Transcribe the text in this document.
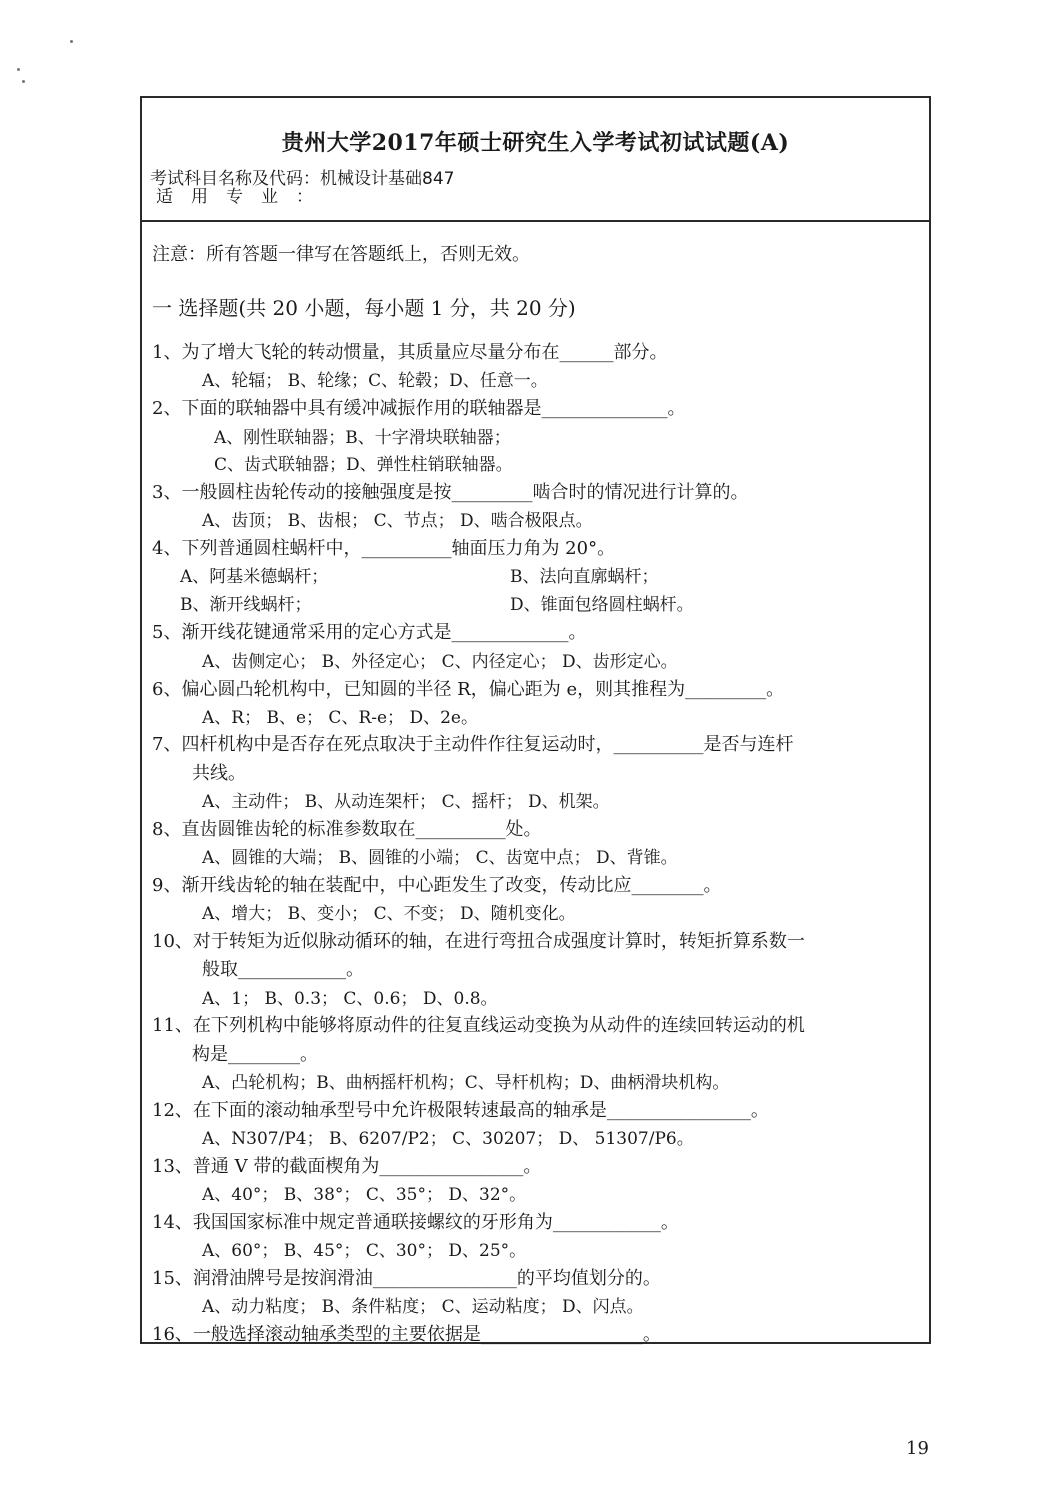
贵州大学2017年硕士研究生入学考试初试试题(A)
考试科目名称及代码：机械设计基础847
适用专业：
注意：所有答题一律写在答题纸上，否则无效。
一 选择题(共 20 小题，每小题 1 分，共 20 分)
1、为了增大飞轮的转动惯量，其质量应尽量分布在______部分。
A、轮辐； B、轮缘；C、轮毂；D、任意一。
2、下面的联轴器中具有缓冲减振作用的联轴器是______________。
A、刚性联轴器；B、十字滑块联轴器；
C、齿式联轴器；D、弹性柱销联轴器。
3、一般圆柱齿轮传动的接触强度是按_________啮合时的情况进行计算的。
A、齿顶； B、齿根； C、节点； D、啮合极限点。
4、下列普通圆柱蜗杆中，__________轴面压力角为 20°。
A、阿基米德蜗杆；	B、法向直廓蜗杆；
B、渐开线蜗杆；	D、锥面包络圆柱蜗杆。
5、渐开线花键通常采用的定心方式是_____________。
A、齿侧定心； B、外径定心； C、内径定心； D、齿形定心。
6、偏心圆凸轮机构中，已知圆的半径 R，偏心距为 e，则其推程为_________。
A、R； B、e； C、R-e； D、2e。
7、四杆机构中是否存在死点取决于主动件作往复运动时，__________是否与连杆
共线。
A、主动件； B、从动连架杆； C、摇杆； D、机架。
8、直齿圆锥齿轮的标准参数取在__________处。
A、圆锥的大端； B、圆锥的小端； C、齿宽中点； D、背锥。
9、渐开线齿轮的轴在装配中，中心距发生了改变，传动比应________。
A、增大； B、变小； C、不变； D、随机变化。
10、对于转矩为近似脉动循环的轴，在进行弯扭合成强度计算时，转矩折算系数一
般取____________。
A、1； B、0.3； C、0.6； D、0.8。
11、在下列机构中能够将原动件的往复直线运动变换为从动件的连续回转运动的机
构是________。
A、凸轮机构；B、曲柄摇杆机构；C、导杆机构；D、曲柄滑块机构。
12、在下面的滚动轴承型号中允许极限转速最高的轴承是________________。
A、N307/P4； B、6207/P2； C、30207； D、 51307/P6。
13、普通 V 带的截面楔角为________________。
A、40°； B、38°； C、35°； D、32°。
14、我国国家标准中规定普通联接螺纹的牙形角为____________。
A、60°； B、45°； C、30°； D、25°。
15、润滑油牌号是按润滑油________________的平均值划分的。
A、动力粘度； B、条件粘度； C、运动粘度； D、闪点。
16、一般选择滚动轴承类型的主要依据是__________________。
19
